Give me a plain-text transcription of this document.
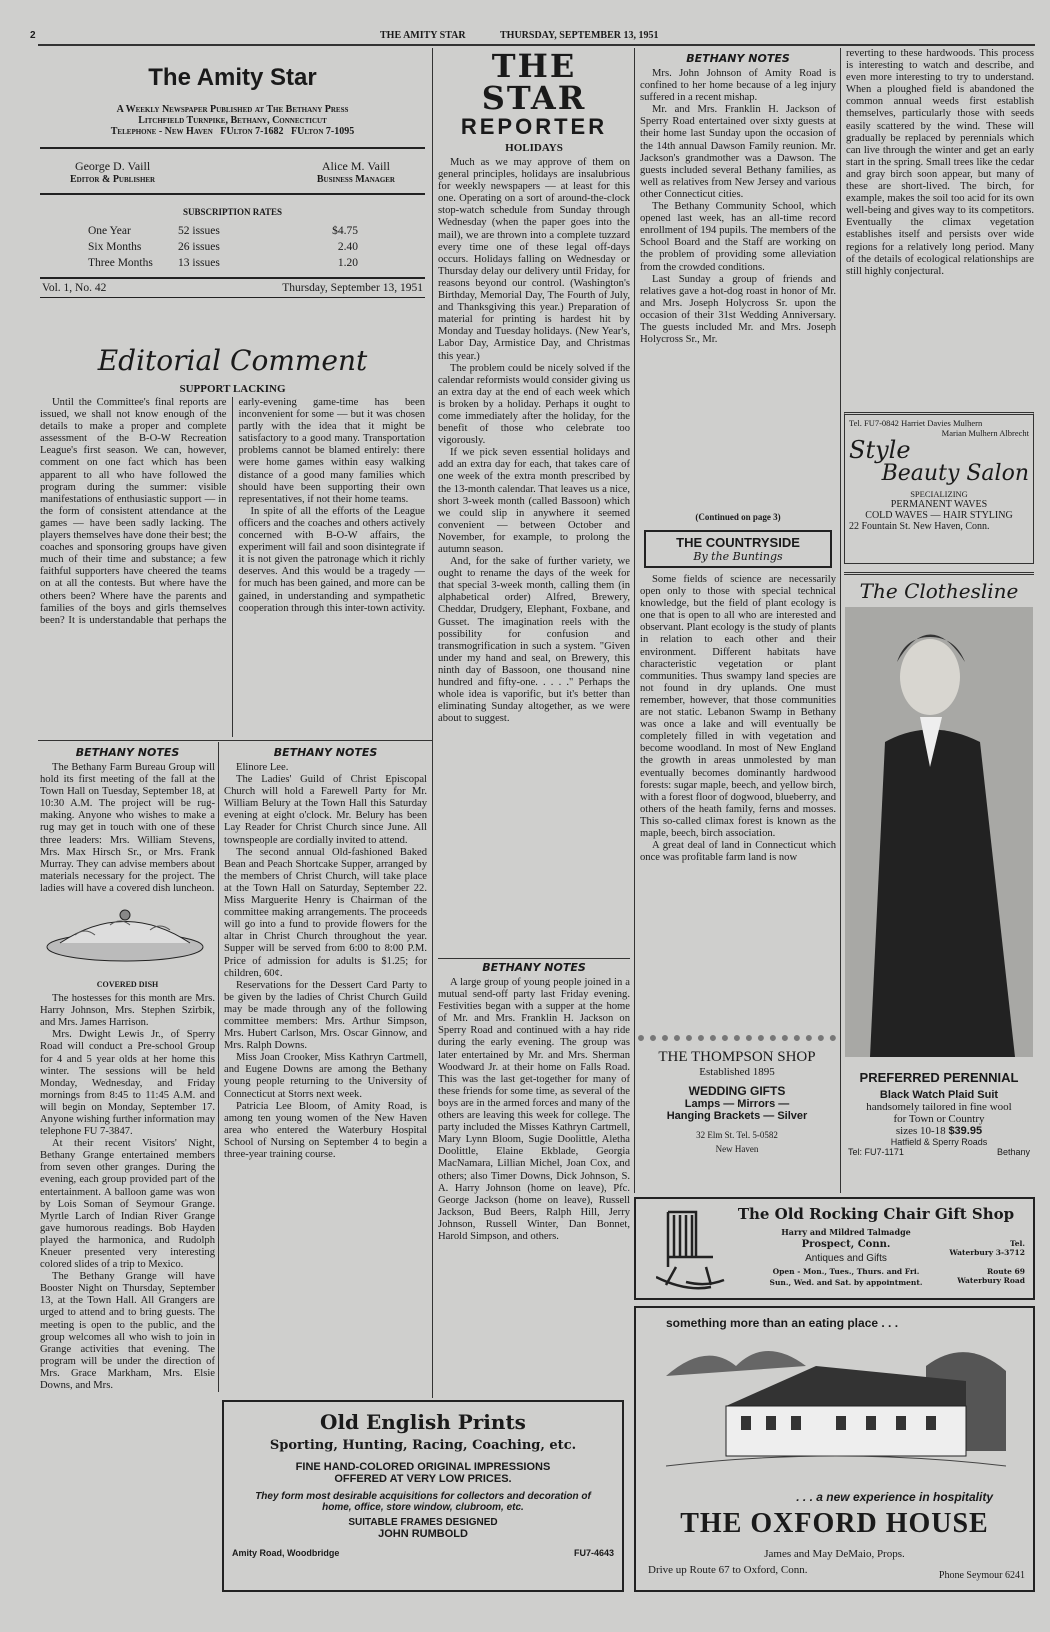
2	THE AMITY STAR	THURSDAY, SEPTEMBER 13, 1951
The Amity Star
A Weekly Newspaper Published at The Bethany Press
Litchfield Turnpike, Bethany, Connecticut
Telephone - New Haven FUlton 7-1682 FUlton 7-1095
George D. Vaill
Editor & Publisher
Alice M. Vaill
Business Manager
SUBSCRIPTION RATES
One Year	52 issues	$4.75
Six Months	26 issues	2.40
Three Months	13 issues	1.20
Vol. 1, No. 42	Thursday, September 13, 1951
Editorial Comment
SUPPORT LACKING

Until the Committee's final reports are issued, we shall not know enough of the details to make a proper and complete assessment of the B-O-W Recreation League's first season. We can, however, comment on one fact which has been apparent to all who have followed the program during the summer: visible manifestations of enthusiastic support — in the form of consistent attendance at the games — have been sadly lacking. The players themselves have done their best; the coaches and sponsoring groups have given much of their time and substance; a few faithful supporters have cheered the teams on at all the contests. But where have the others been? Where have the parents and families of the boys and girls themselves been? It is understandable that perhaps the early-evening game-time has been inconvenient for some — but it was chosen partly with the idea that it might be satisfactory to a good many. Transportation problems cannot be blamed entirely: there were home games within easy walking distance of a good many families which should have been supporting their own representatives, if not their home teams.

In spite of all the efforts of the League officers and the coaches and others actively concerned with B-O-W affairs, the experiment will fail and soon disintegrate if it is not given the patronage which it richly deserves. And this would be a tragedy — for much has been gained, and more can be gained, in understanding and sympathetic cooperation through this inter-town activity.

BETHANY NOTES

The Bethany Farm Bureau Group will hold its first meeting of the fall at the Town Hall on Tuesday, September 18, at 10:30 A.M. The project will be rug-making. Anyone who wishes to make a rug may get in touch with one of these three leaders: Mrs. William Stevens, Mrs. Max Hirsch Sr., or Mrs. Frank Murray. They can advise members about materials necessary for the project. The ladies will have a covered dish luncheon.

COVERED DISH

The hostesses for this month are Mrs. Harry Johnson, Mrs. Stephen Szirbik, and Mrs. James Harrison.

Mrs. Dwight Lewis Jr., of Sperry Road will conduct a Pre-school Group for 4 and 5 year olds at her home this winter. The sessions will be held Monday, Wednesday, and Friday mornings from 8:45 to 11:45 A.M. and will begin on Monday, September 17. Anyone wishing further information may telephone FU 7-3847.

At their recent Visitors' Night, Bethany Grange entertained members from seven other granges. During the evening, each group provided part of the entertainment. A balloon game was won by Lois Soman of Seymour Grange. Myrtle Larch of Indian River Grange gave humorous readings. Bob Hayden played the harmonica, and Rudolph Kneuer presented very interesting colored slides of a trip to Mexico.

The Bethany Grange will have Booster Night on Thursday, September 13, at the Town Hall. All Grangers are urged to attend and to bring guests. The meeting is open to the public, and the group welcomes all who wish to join in Grange activities that evening. The program will be under the direction of Mrs. Grace Markham, Mrs. Elsie Downs, and Mrs.

BETHANY NOTES

Elinore Lee.

The Ladies' Guild of Christ Episcopal Church will hold a Farewell Party for Mr. William Belury at the Town Hall this Saturday evening at eight o'clock. Mr. Belury has been Lay Reader for Christ Church since June. All townspeople are cordially invited to attend.

The second annual Old-fashioned Baked Bean and Peach Shortcake Supper, arranged by the members of Christ Church, will take place at the Town Hall on Saturday, September 22. Miss Marguerite Henry is Chairman of the committee making arrangements. The proceeds will go into a fund to provide flowers for the altar in Christ Church throughout the year. Supper will be served from 6:00 to 8:00 P.M. Price of admission for adults is $1.25; for children, 60¢.

Reservations for the Dessert Card Party to be given by the ladies of Christ Church Guild may be made through any of the following committee members: Mrs. Arthur Simpson, Mrs. Hubert Carlson, Mrs. Oscar Ginnow, and Mrs. Ralph Downs.

Miss Joan Crooker, Miss Kathryn Cartmell, and Eugene Downs are among the Bethany young people returning to the University of Connecticut at Storrs next week.

Patricia Lee Bloom, of Amity Road, is among ten young women of the New Haven area who entered the Waterbury Hospital School of Nursing on September 4 to begin a three-year training course.

Old English Prints
Sporting, Hunting, Racing, Coaching, etc.
FINE HAND-COLORED ORIGINAL IMPRESSIONS
OFFERED AT VERY LOW PRICES.
They form most desirable acquisitions for collectors and decoration of home, office, store window, clubroom, etc.
SUITABLE FRAMES DESIGNED
JOHN RUMBOLD
Amity Road, Woodbridge	FU7-4643
THE STAR
REPORTER
HOLIDAYS

Much as we may approve of them on general principles, holidays are insalubrious for weekly newspapers — at least for this one. Operating on a sort of around-the-clock stop-watch schedule from Sunday through Wednesday (when the paper goes into the mail), we are thrown into a complete tuzzard every time one of these legal off-days occurs. Holidays falling on Wednesday or Thursday delay our delivery until Friday, for reasons beyond our control. (Washington's Birthday, Memorial Day, The Fourth of July, and Thanksgiving this year.) Preparation of material for printing is hardest hit by Monday and Tuesday holidays. (New Year's, Labor Day, Armistice Day, and Christmas this year.)

The problem could be nicely solved if the calendar reformists would consider giving us an extra day at the end of each week which is broken by a holiday. Perhaps it ought to come immediately after the holiday, for the benefit of those who celebrate too vigorously.

If we pick seven essential holidays and add an extra day for each, that takes care of one week of the extra month prescribed by the 13-month calendar. That leaves us a nice, short 3-week month (called Bassoon) which we could slip in anywhere it seemed convenient — between October and November, for example, to prolong the autumn season.

And, for the sake of further variety, we ought to rename the days of the week for that special 3-week month, calling them (in alphabetical order) Alfred, Brewery, Cheddar, Drudgery, Elephant, Foxbane, and Gusset. The imagination reels with the possibility for confusion and transmogrification in such a system. "Given under my hand and seal, on Brewery, this ninth day of Bassoon, one thousand nine hundred and fifty-one. . . . ." Perhaps the whole idea is vaporific, but it's better than eliminating Sunday altogether, as we were about to suggest.

BETHANY NOTES

A large group of young people joined in a mutual send-off party last Friday evening. Festivities began with a supper at the home of Mr. and Mrs. Franklin H. Jackson on Sperry Road and continued with a hay ride during the early evening. The group was later entertained by Mr. and Mrs. Sherman Woodward Jr. at their home on Falls Road. This was the last get-together for many of these friends for some time, as several of the boys are in the armed forces and many of the others are leaving this week for college. The party included the Misses Kathryn Cartmell, Mary Lynn Bloom, Sugie Doolittle, Aletha Doolittle, Elaine Ekblade, Georgia MacNamara, Lillian Michel, Joan Cox, and others; also Timer Downs, Dick Johnson, S. A. Harry Johnson (home on leave), Pfc. George Jackson (home on leave), Russell Jackson, Bud Beers, Ralph Hill, Jerry Johnson, Russell Winter, Dan Bonnet, Harold Simpson, and others.

BETHANY NOTES

Mrs. John Johnson of Amity Road is confined to her home because of a leg injury suffered in a recent mishap.

Mr. and Mrs. Franklin H. Jackson of Sperry Road entertained over sixty guests at their home last Sunday upon the occasion of the 14th annual Dawson Family reunion. Mr. Jackson's grandmother was a Dawson. The guests included several Bethany families, as well as relatives from New Jersey and various other Connecticut cities.

The Bethany Community School, which opened last week, has an all-time record enrollment of 194 pupils. The members of the School Board and the Staff are working on the problem of providing some alleviation from the crowded conditions.

Last Sunday a group of friends and relatives gave a hot-dog roast in honor of Mr. and Mrs. Joseph Holycross Sr. upon the occasion of their 31st Wedding Anniversary. The guests included Mr. and Mrs. Joseph Holycross Sr., Mr.

(Continued on page 3)
THE COUNTRYSIDE
By the Buntings

Some fields of science are necessarily open only to those with special technical knowledge, but the field of plant ecology is one that is open to all who are interested and observant. Plant ecology is the study of plants in relation to each other and their environment. Different habitats have characteristic vegetation or plant communities. Thus swampy land species are not found in dry uplands. One must remember, however, that those communities are not static. Lebanon Swamp in Bethany was once a lake and will eventually be completely filled in with vegetation and become woodland. In most of New England the growth in areas unmolested by man eventually becomes dominantly hardwood forests: sugar maple, beech, and yellow birch, with a forest floor of dogwood, blueberry, and others of the heath family, ferns and mosses. This so-called climax forest is known as the maple, beech, birch association.

A great deal of land in Connecticut which once was profitable farm land is now

THE THOMPSON SHOP
Established 1895
WEDDING GIFTS
Lamps — Mirrors —
Hanging Brackets — Silver
32 Elm St. Tel. 5-0582
New Haven
reverting to these hardwoods. This process is interesting to watch and describe, and even more interesting to try to understand. When a ploughed field is abandoned the common annual weeds first establish themselves, particularly those with seeds easily scattered by the wind. These will gradually be replaced by perennials which can live through the winter and get an early start in the spring. Small trees like the cedar and gray birch soon appear, but many of these are short-lived. The birch, for example, makes the soil too acid for its own well-being and gives way to its competitors. Eventually the climax vegetation establishes itself and persists over wide regions for a relatively long period. Many of the details of ecological relationships are still highly conjectural.
Tel. FU7-0842 Harriet Davies Mulhern
Marian Mulhern Albrecht
Style
Beauty Salon
SPECIALIZING
PERMANENT WAVES
COLD WAVES — HAIR STYLING
22 Fountain St. New Haven, Conn.
The Clothesline
PREFERRED PERENNIAL
Black Watch Plaid Suit
handsomely tailored in fine wool
for Town or Country
sizes 10-18 $39.95
Hatfield & Sperry Roads
Tel: FU7-1171	Bethany
The Old Rocking Chair Gift Shop
Harry and Mildred Talmadge
Prospect, Conn.
Antiques and Gifts
Open - Mon., Tues., Thurs. and Fri.
Sun., Wed. and Sat. by appointment.
Tel.
Waterbury 3-3712
Route 69
Waterbury Road
something more than an eating place . . .
. . . a new experience in hospitality
THE OXFORD HOUSE
James and May DeMaio, Props.
Drive up Route 67 to Oxford, Conn.	Phone Seymour 6241
